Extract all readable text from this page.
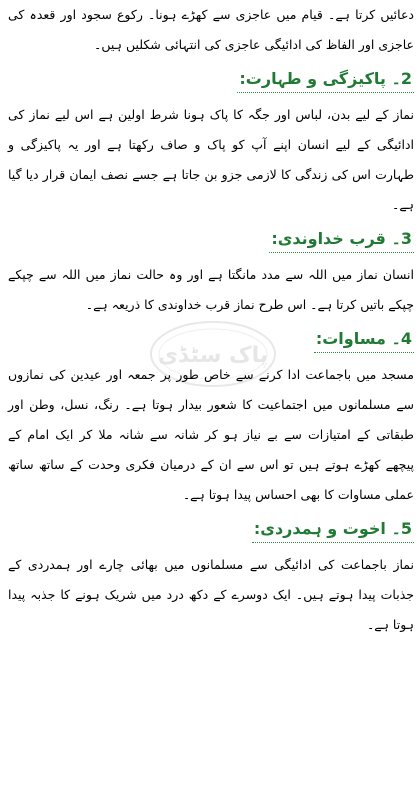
پاک سٹڈی

دعائیں کرتا ہے۔ قیام میں عاجزی سے کھڑے ہونا۔ رکوع سجود اور قعدہ کی عاجزی اور الفاظ کی ادائیگی عاجزی کی انتہائی شکلیں ہیں۔

2۔ پاکیزگی و طہارت:

نماز کے لیے بدن، لباس اور جگہ کا پاک ہونا شرط اولین ہے اس لیے نماز کی ادائیگی کے لیے انسان اپنے آپ کو پاک و صاف رکھتا ہے اور یہ پاکیزگی و طہارت اس کی زندگی کا لازمی جزو بن جاتا ہے جسے نصف ایمان قرار دیا گیا ہے۔

3۔ قرب خداوندی:

انسان نماز میں اللہ سے مدد مانگتا ہے اور وہ حالت نماز میں اللہ سے چپکے چپکے باتیں کرتا ہے۔ اس طرح نماز قرب خداوندی کا ذریعہ ہے۔

4۔ مساوات:

مسجد میں باجماعت ادا کرنے سے خاص طور پر جمعہ اور عیدین کی نمازوں سے مسلمانوں میں اجتماعیت کا شعور بیدار ہوتا ہے۔ رنگ، نسل، وطن اور طبقاتی کے امتیازات سے بے نیاز ہو کر شانہ سے شانہ ملا کر ایک امام کے پیچھے کھڑے ہوتے ہیں تو اس سے ان کے درمیان فکری وحدت کے ساتھ ساتھ عملی مساوات کا بھی احساس پیدا ہوتا ہے۔

5۔ اخوت و ہمدردی:

نماز باجماعت کی ادائیگی سے مسلمانوں میں بھائی چارے اور ہمدردی کے جذبات پیدا ہوتے ہیں۔ ایک دوسرے کے دکھ درد میں شریک ہونے کا جذبہ پیدا ہوتا ہے۔
